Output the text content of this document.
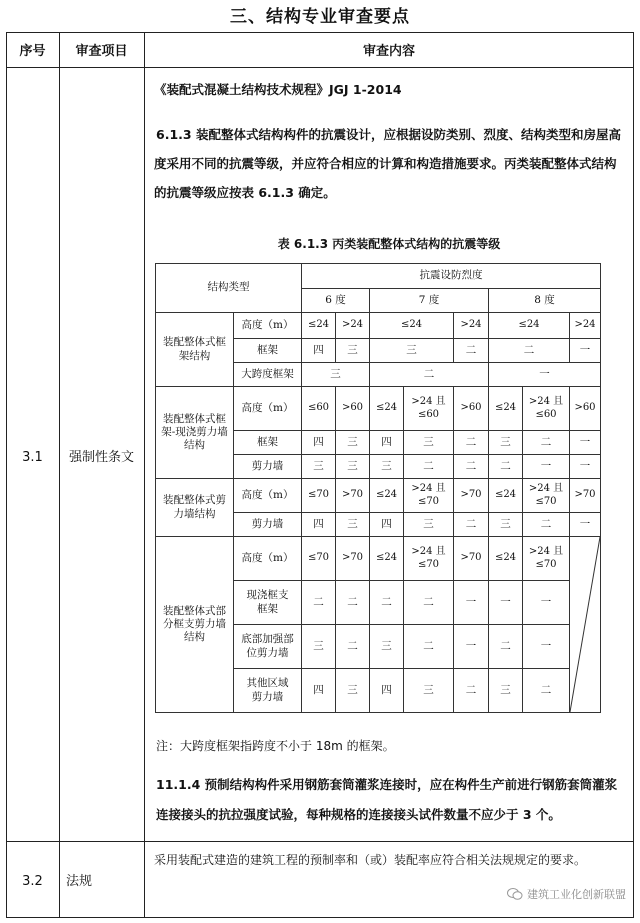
三、结构专业审查要点
序号	审查项目	审查内容
3.1	强制性条文
《装配式混凝土结构技术规程》JGJ 1-2014
6.1.3 装配整体式结构构件的抗震设计，应根据设防类别、烈度、结构类型和房屋高度采用不同的抗震等级，并应符合相应的计算和构造措施要求。丙类装配整体式结构的抗震等级应按表 6.1.3 确定。
表 6.1.3 丙类装配整体式结构的抗震等级
结构类型		抗震设防烈度							
		6 度		7 度			8 度		
装配整体式框架结构	高度（m）	≤24	>24	≤24		>24	≤24		>24
	框架	四	三	三		二	二		一
	大跨度框架	三		二			一		
装配整体式框架-现浇剪力墙结构	高度（m）	≤60	>60	≤24	>24 且≤60	>60	≤24	>24 且≤60	>60
	框架	四	三	四	三	二	三	二	一
	剪力墙	三	三	三	二	二	二	一	一
装配整体式剪力墙结构	高度（m）	≤70	>70	≤24	>24 且≤70	>70	≤24	>24 且≤70	>70
	剪力墙	四	三	四	三	二	三	二	一
装配整体式部分框支剪力墙结构	高度（m）	≤70	>70	≤24	>24 且≤70	>70	≤24	>24 且≤70	

	现浇框支框架	二	二	二	二	一	一	一	
	底部加强部位剪力墙	三	二	三	二	一	二	一	
	其他区域剪力墙	四	三	四	三	二	三	二	
注：大跨度框架指跨度不小于 18m 的框架。
11.1.4 预制结构构件采用钢筋套筒灌浆连接时，应在构件生产前进行钢筋套筒灌浆连接接头的抗拉强度试验，每种规格的连接接头试件数量不应少于 3 个。
3.2	法规
采用装配式建造的建筑工程的预制率和（或）装配率应符合相关法规规定的要求。
建筑工业化创新联盟
